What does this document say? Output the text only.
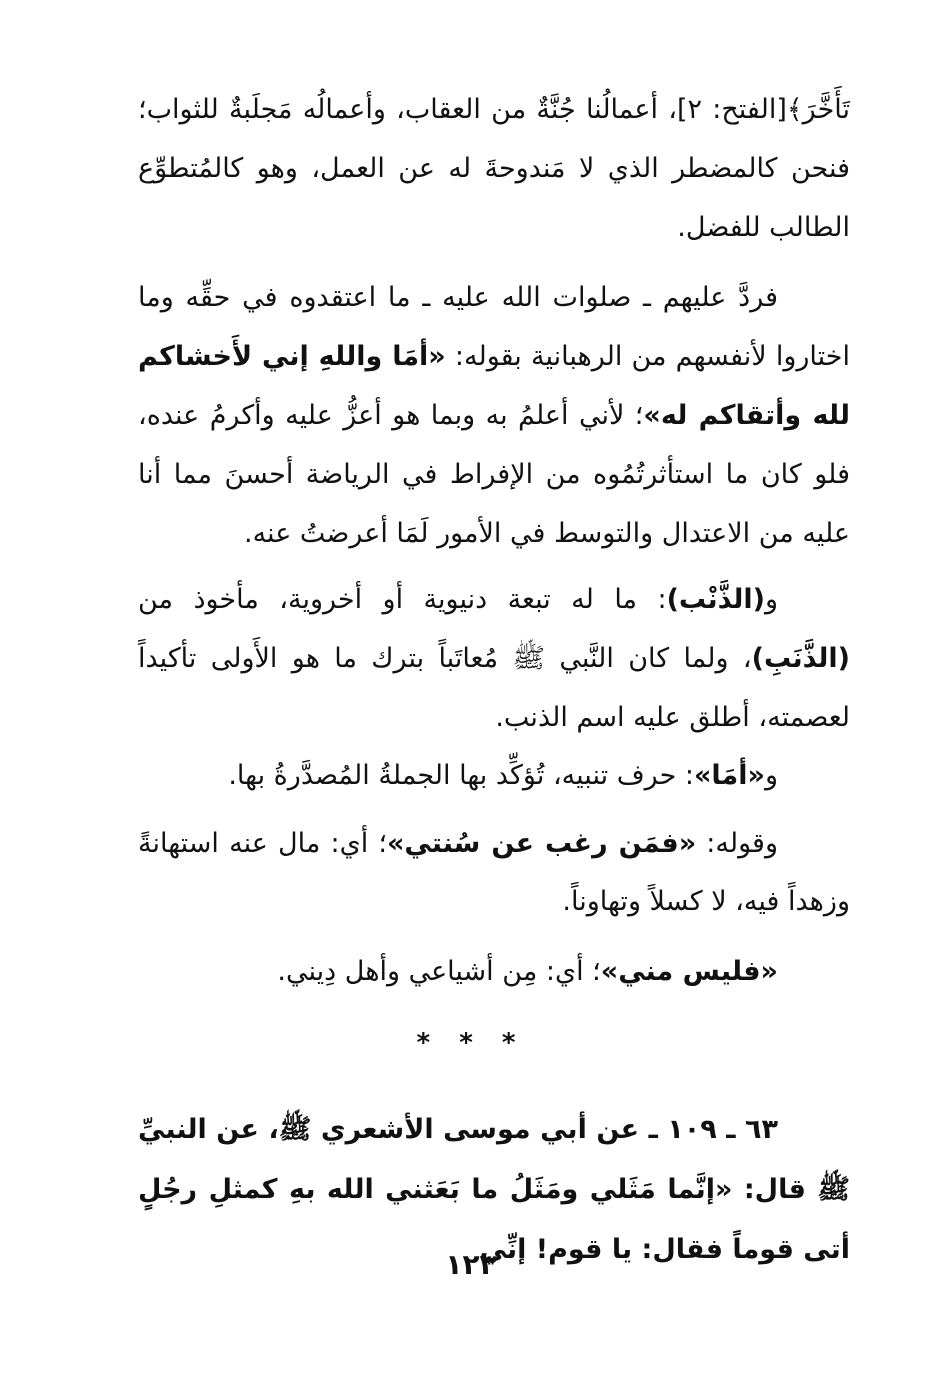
تَأَخَّرَ﴾[الفتح: ٢]، أعمالُنا جُنَّةٌ من العقاب، وأعمالُه مَجلَبةٌ للثواب؛ فنحن كالمضطر الذي لا مَندوحةَ له عن العمل، وهو كالمُتطوِّع الطالب للفضل.

فردَّ عليهم ـ صلوات الله عليه ـ ما اعتقدوه في حقِّه وما اختاروا لأنفسهم من الرهبانية بقوله: «أمَا واللهِ إني لأَخشاكم لله وأتقاكم له»؛ لأني أعلمُ به وبما هو أعزُّ عليه وأكرمُ عنده، فلو كان ما استأثرتُمُوه من الإفراط في الرياضة أحسنَ مما أنا عليه من الاعتدال والتوسط في الأمور لَمَا أعرضتُ عنه.

و(الذَّنْب): ما له تبعة دنيوية أو أخروية، مأخوذ من (الذَّنَبِ)، ولما كان النَّبي ﷺ مُعاتَباً بترك ما هو الأَولى تأكيداً لعصمته، أطلق عليه اسم الذنب.

و«أمَا»: حرف تنبيه، تُؤكِّد بها الجملةُ المُصدَّرةُ بها.

وقوله: «فمَن رغب عن سُنتي»؛ أي: مال عنه استهانةً وزهداً فيه، لا كسلاً وتهاوناً.

«فليس مني»؛ أي: مِن أشياعي وأهل دِيني.

* * *

٦٣ ـ ١٠٩ ـ عن أبي موسى الأشعري ﷺ، عن النبيِّ ﷺ قال: «إنَّما مَثَلي ومَثَلُ ما بَعَثني الله بهِ كمثلِ رجُلٍ أتى قوماً فقال: يا قوم! إنِّي

١٢٣
